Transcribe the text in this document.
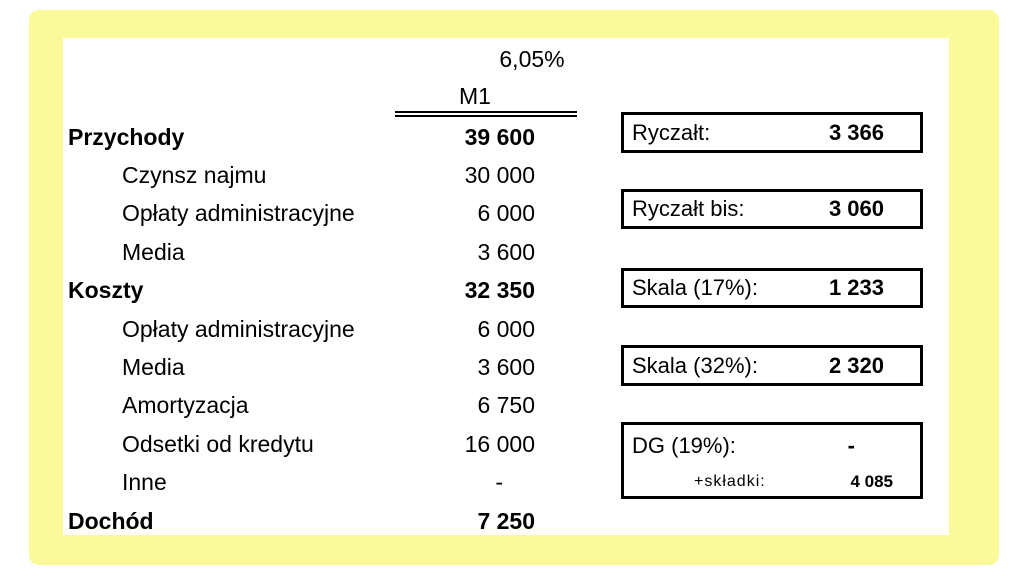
6,05%
M1
Przychody	39 600
Czynsz najmu	30 000
Opłaty administracyjne	6 000
Media	3 600
Koszty	32 350
Opłaty administracyjne	6 000
Media	3 600
Amortyzacja	6 750
Odsetki od kredytu	16 000
Inne	-
Dochód	7 250
Ryczałt:	3 366
Ryczałt bis:	3 060
Skala (17%):	1 233
Skala (32%):	2 320
DG (19%):	-
+składki:	4 085
